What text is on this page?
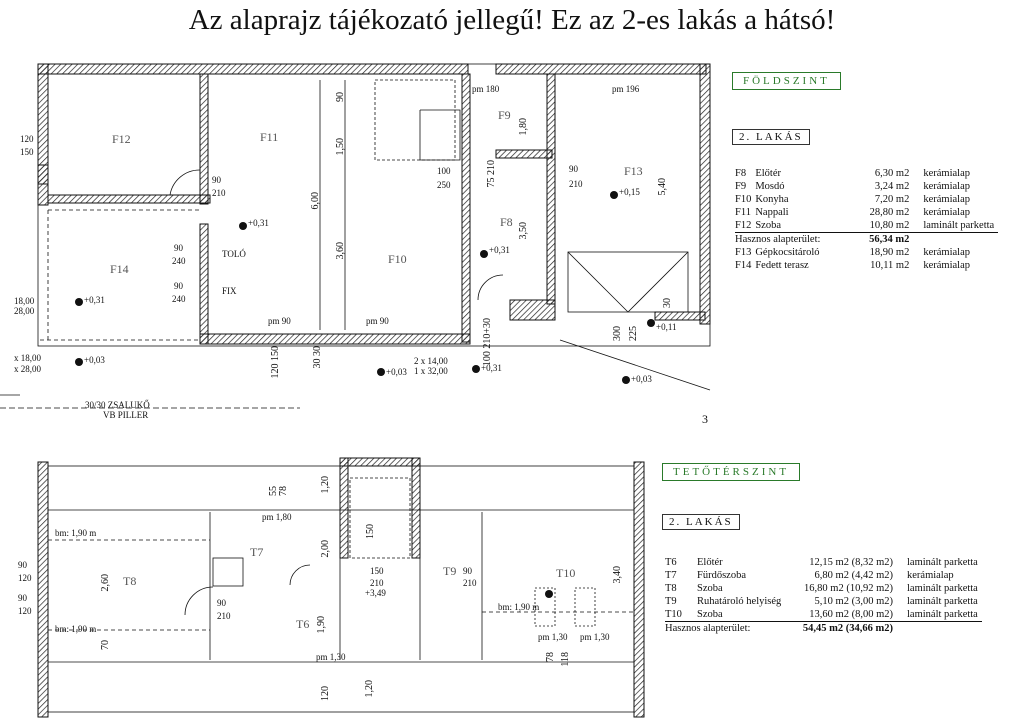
Az alaprajz tájékozató jellegű! Ez az 2-es lakás a hátsó!
F12	F11
F10
F9
F8
F13
F14
+0,31
+0,31
+0,31
+0,31
+0,15
+0,11
+0,03
+0,03
+0,03
TOLÓ
FIX
30/30 ZSALUKŐ
VB PILLER
2 x 14,00
1 x 32,00
pm 90	pm 90
pm 180	pm 196
90
210
90
210
90
240
90
240
100
250
120
150
18,00
28,00
x 18,00
x 28,00
3
90
1,50
6,00
3,60
1,80
3,50
5,40
75 210
100 210+30	300 225
30
120 150	30 30
T8
T7
T6
T9	T10
+3,49
bm: 1,90 m
bm: 1,90 m
bm: 1,90 m
pm 1,80
pm 1,30
pm 1,30 pm 1,30
90
210
150
210
90
210
90
120
90
120
1,20
55 78
2,00
2,60
70
1,90
150
3,40
78 118
1,20
120
FÖLDSZINT
2. LAKÁS
F8	Előtér	6,30 m2	kerámialap
F9	Mosdó	3,24 m2	kerámialap
F10	Konyha	7,20 m2	kerámialap
F11	Nappali	28,80 m2	kerámialap
F12	Szoba	10,80 m2	laminált parketta
Hasznos alapterület:		56,34 m2	
F13	Gépkocsitároló	18,90 m2	kerámialap
F14	Fedett terasz	10,11 m2	kerámialap
TETŐTÉRSZINT
2. LAKÁS
T6	Előtér	12,15 m2 (8,32 m2)	laminált parketta
T7	Fürdőszoba	6,80 m2 (4,42 m2)	kerámialap
T8	Szoba	16,80 m2 (10,92 m2)	laminált parketta
T9	Ruhatároló helyiség	5,10 m2 (3,00 m2)	laminált parketta
T10	Szoba	13,60 m2 (8,00 m2)	laminált parketta
Hasznos alapterület:		54,45 m2 (34,66 m2)	
